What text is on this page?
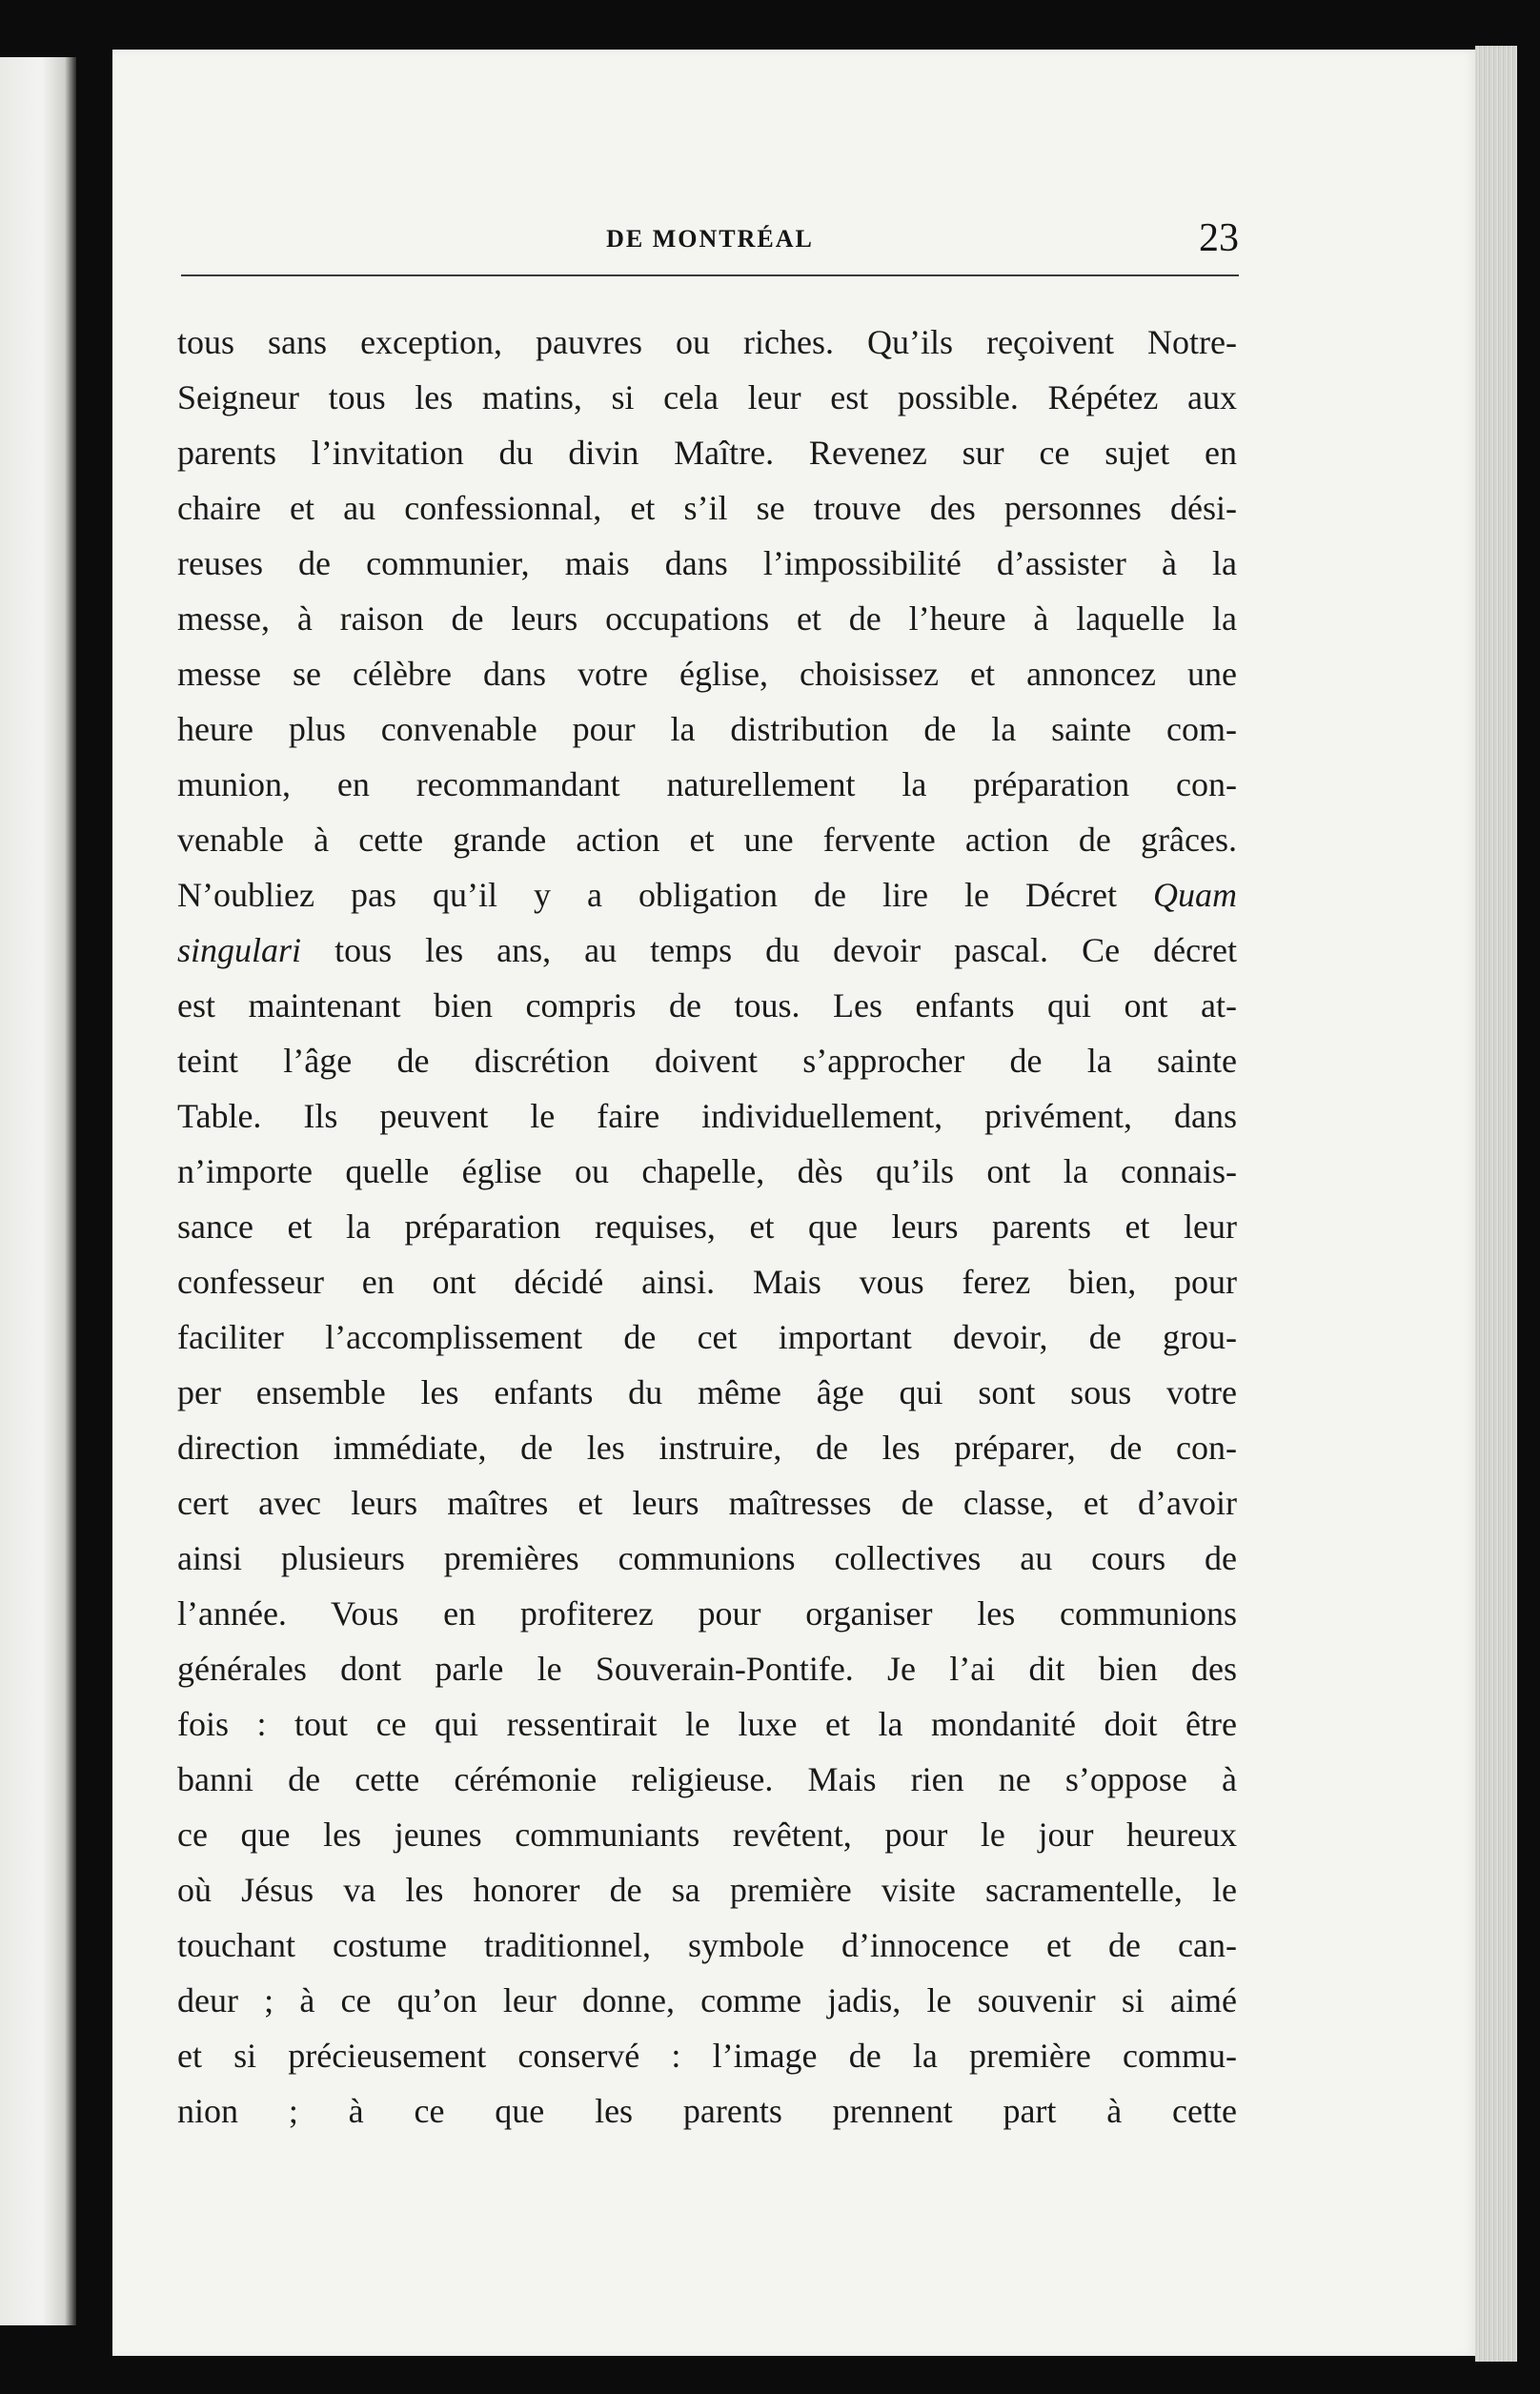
DE MONTRÉAL	23
tous sans exception, pauvres ou riches. Qu’ils reçoivent Notre-
Seigneur tous les matins, si cela leur est possible. Répétez aux
parents l’invitation du divin Maître. Revenez sur ce sujet en
chaire et au confessionnal, et s’il se trouve des personnes dési-
reuses de communier, mais dans l’impossibilité d’assister à la
messe, à raison de leurs occupations et de l’heure à laquelle la
messe se célèbre dans votre église, choisissez et annoncez une
heure plus convenable pour la distribution de la sainte com-
munion, en recommandant naturellement la préparation con-
venable à cette grande action et une fervente action de grâces.
N’oubliez pas qu’il y a obligation de lire le Décret Quam
singulari tous les ans, au temps du devoir pascal. Ce décret
est maintenant bien compris de tous. Les enfants qui ont at-
teint l’âge de discrétion doivent s’approcher de la sainte
Table. Ils peuvent le faire individuellement, privément, dans
n’importe quelle église ou chapelle, dès qu’ils ont la connais-
sance et la préparation requises, et que leurs parents et leur
confesseur en ont décidé ainsi. Mais vous ferez bien, pour
faciliter l’accomplissement de cet important devoir, de grou-
per ensemble les enfants du même âge qui sont sous votre
direction immédiate, de les instruire, de les préparer, de con-
cert avec leurs maîtres et leurs maîtresses de classe, et d’avoir
ainsi plusieurs premières communions collectives au cours de
l’année. Vous en profiterez pour organiser les communions
générales dont parle le Souverain-Pontife. Je l’ai dit bien des
fois : tout ce qui ressentirait le luxe et la mondanité doit être
banni de cette cérémonie religieuse. Mais rien ne s’oppose à
ce que les jeunes communiants revêtent, pour le jour heureux
où Jésus va les honorer de sa première visite sacramentelle, le
touchant costume traditionnel, symbole d’innocence et de can-
deur ; à ce qu’on leur donne, comme jadis, le souvenir si aimé
et si précieusement conservé : l’image de la première commu-
nion ; à ce que les parents prennent part à cette
